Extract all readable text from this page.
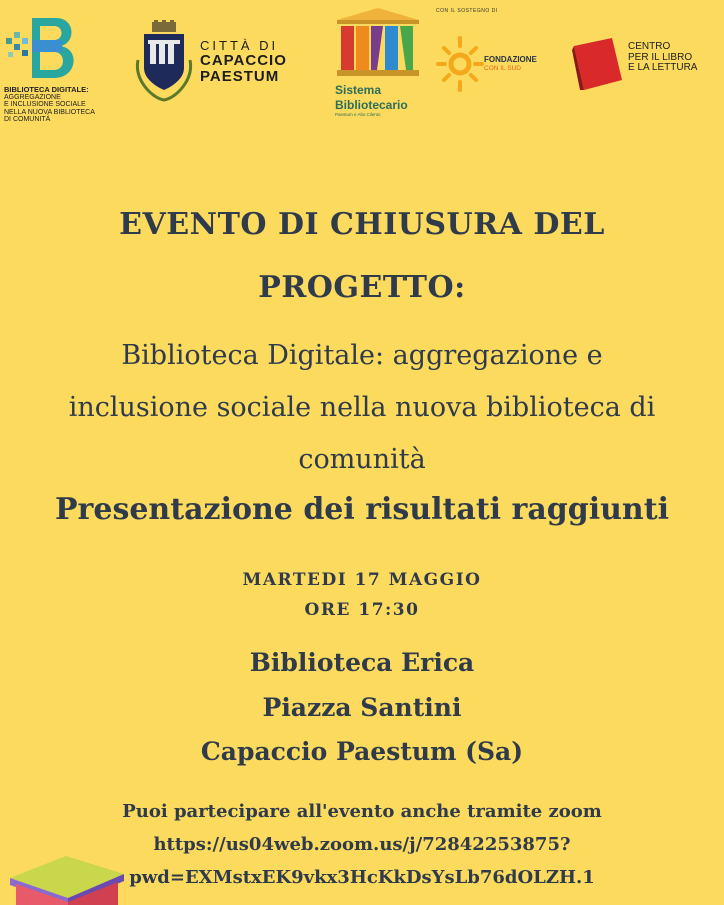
BIBLIOTECA DIGITALE:
AGGREGAZIONE
E INCLUSIONE SOCIALE
NELLA NUOVA BIBLIOTECA
DI COMUNITÀ
CITTÀ DI
CAPACCIO
PAESTUM
Sistema
Bibliotecario
Paestum e Alto Cilento
CON IL SOSTEGNO DI
FONDAZIONE
CON IL SUD
CENTRO
PER IL LIBRO
E LA LETTURA
EVENTO DI CHIUSURA DEL
PROGETTO:
Biblioteca Digitale: aggregazione e
inclusione sociale nella nuova biblioteca di
comunità
Presentazione dei risultati raggiunti
MARTEDI 17 MAGGIO
ORE 17:30
Biblioteca Erica
Piazza Santini
Capaccio Paestum (Sa)
Puoi partecipare all'evento anche tramite zoom
https://us04web.zoom.us/j/72842253875?
pwd=EXMstxEK9vkx3HcKkDsYsLb76dOLZH.1
